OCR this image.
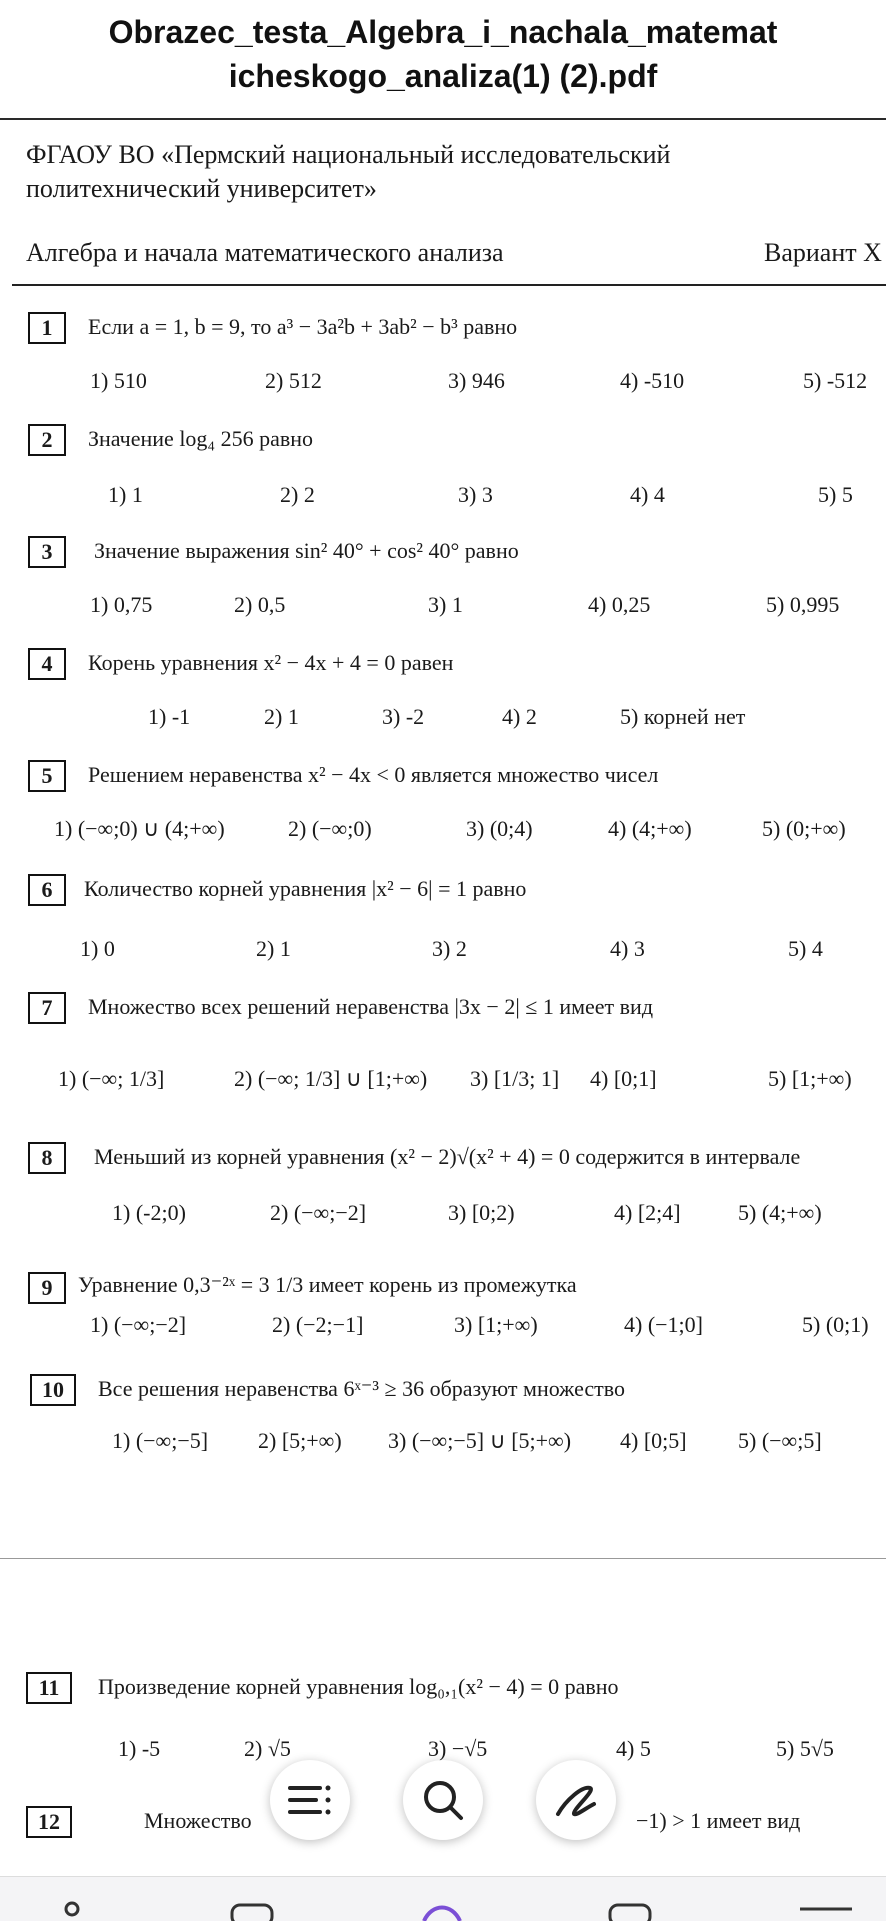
Obrazec_testa_Algebra_i_nachala_matemat
icheskogo_analiza(1) (2).pdf
ФГАОУ ВО «Пермский национальный исследовательский
политехнический университет»
Алгебра и начала математического анализа	Вариант Х
1	Если a = 1, b = 9, то a³ − 3a²b + 3ab² − b³ равно
1) 510	2) 512	3) 946	4) -510	5) -512
2	Значение log₄ 256 равно
1) 1	2) 2	3) 3	4) 4	5) 5
3	Значение выражения sin² 40° + cos² 40° равно
1) 0,75	2) 0,5	3) 1	4) 0,25	5) 0,995
4	Корень уравнения x² − 4x + 4 = 0 равен
1) -1	2) 1	3) -2	4) 2	5) корней нет
5	Решением неравенства x² − 4x < 0 является множество чисел
1) (−∞;0) ∪ (4;+∞)	2) (−∞;0)	3) (0;4)	4) (4;+∞)	5) (0;+∞)
6	Количество корней уравнения |x² − 6| = 1 равно
1) 0	2) 1	3) 2	4) 3	5) 4
7	Множество всех решений неравенства |3x − 2| ≤ 1 имеет вид
1) (−∞; 1/3]	2) (−∞; 1/3] ∪ [1;+∞) 3) [1/3; 1] 4) [0;1]	5) [1;+∞)
8	Меньший из корней уравнения (x² − 2)√(x² + 4) = 0 содержится в интервале
1) (-2;0)	2) (−∞;−2]	3) [0;2)	4) [2;4]	5) (4;+∞)
9	Уравнение 0,3⁻²ˣ = 3 1/3 имеет корень из промежутка
1) (−∞;−2]	2) (−2;−1]	3) [1;+∞)	4) (−1;0]	5) (0;1)
10	Все решения неравенства 6ˣ⁻³ ≥ 36 образуют множество
1) (−∞;−5] 2) [5;+∞) 3) (−∞;−5] ∪ [5;+∞) 4) [0;5] 5) (−∞;5]
11	Произведение корней уравнения log₀,₁(x² − 4) = 0 равно
1) -5	2) √5	3) −√5	4) 5	5) 5√5
12	Множество	−1) > 1 имеет вид
